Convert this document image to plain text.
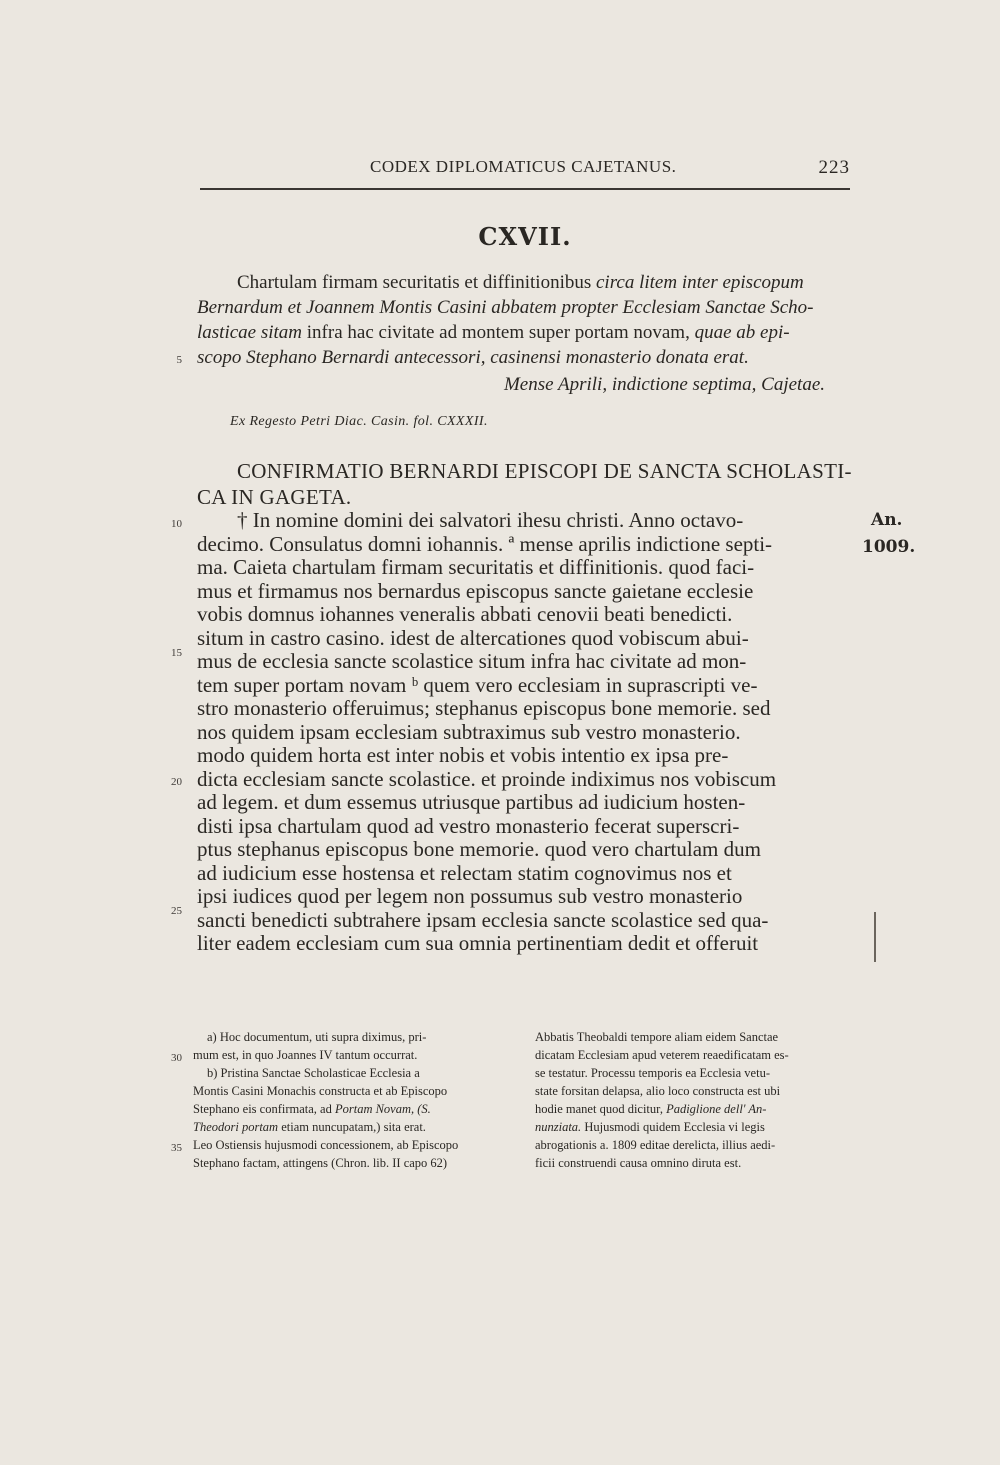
CODEX DIPLOMATICUS CAJETANUS.	223
CXVII.
Chartulam firmam securitatis et diffinitionibus circa litem inter episcopum
Bernardum et Joannem Montis Casini abbatem propter Ecclesiam Sanctae Scho-
lasticae sitam infra hac civitate ad montem super portam novam, quae ab epi-
scopo Stephano Bernardi antecessori, casinensi monasterio donata erat.
Mense Aprili, indictione septima, Cajetae.
Ex Regesto Petri Diac. Casin. fol. CXXXII.
CONFIRMATIO BERNARDI EPISCOPI DE SANCTA SCHOLASTI-
CA IN GAGETA.
† In nomine domini dei salvatori ihesu christi. Anno octavo-
decimo. Consulatus domni iohannis. ª mense aprilis indictione septi-
ma. Caieta chartulam firmam securitatis et diffinitionis. quod faci-
mus et firmamus nos bernardus episcopus sancte gaietane ecclesie
vobis domnus iohannes veneralis abbati cenovii beati benedicti.
situm in castro casino. idest de altercationes quod vobiscum abui-
mus de ecclesia sancte scolastice situm infra hac civitate ad mon-
tem super portam novam ᵇ quem vero ecclesiam in suprascripti ve-
stro monasterio offeruimus; stephanus episcopus bone memorie. sed
nos quidem ipsam ecclesiam subtraximus sub vestro monasterio.
modo quidem horta est inter nobis et vobis intentio ex ipsa pre-
dicta ecclesiam sancte scolastice. et proinde indiximus nos vobiscum
ad legem. et dum essemus utriusque partibus ad iudicium hosten-
disti ipsa chartulam quod ad vestro monasterio fecerat superscri-
ptus stephanus episcopus bone memorie. quod vero chartulam dum
ad iudicium esse hostensa et relectam statim cognovimus nos et
ipsi iudices quod per legem non possumus sub vestro monasterio
sancti benedicti subtrahere ipsam ecclesia sancte scolastice sed qua-
liter eadem ecclesiam cum sua omnia pertinentiam dedit et offeruit
5
10
15
20
25
An.
1009.
a) Hoc documentum, uti supra diximus, pri-
mum est, in quo Joannes IV tantum occurrat.
b) Pristina Sanctae Scholasticae Ecclesia a
Montis Casini Monachis constructa et ab Episcopo
Stephano eis confirmata, ad Portam Novam, (S.
Theodori portam etiam nuncupatam,) sita erat.
Leo Ostiensis hujusmodi concessionem, ab Episcopo
Stephano factam, attingens (Chron. lib. II capo 62)
Abbatis Theobaldi tempore aliam eidem Sanctae
dicatam Ecclesiam apud veterem reaedificatam es-
se testatur. Processu temporis ea Ecclesia vetu-
state forsitan delapsa, alio loco constructa est ubi
hodie manet quod dicitur, Padiglione dell' An-
nunziata. Hujusmodi quidem Ecclesia vi legis
abrogationis a. 1809 editae derelicta, illius aedi-
ficii construendi causa omnino diruta est.
30
35
